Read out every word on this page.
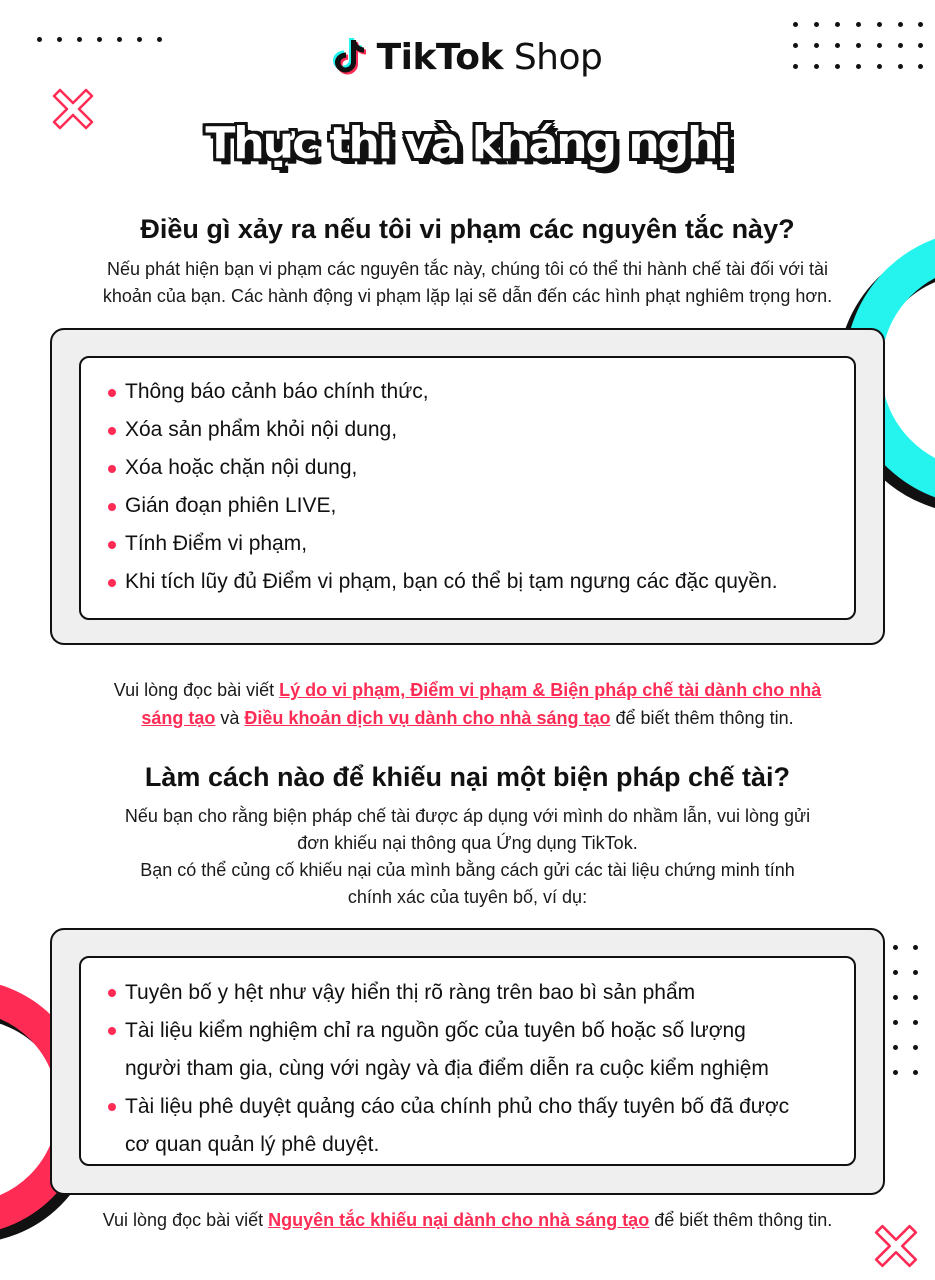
TikTok Shop
Thực thi và kháng nghị
Điều gì xảy ra nếu tôi vi phạm các nguyên tắc này?
Nếu phát hiện bạn vi phạm các nguyên tắc này, chúng tôi có thể thi hành chế tài đối với tài
khoản của bạn. Các hành động vi phạm lặp lại sẽ dẫn đến các hình phạt nghiêm trọng hơn.
Thông báo cảnh báo chính thức,
Xóa sản phẩm khỏi nội dung,
Xóa hoặc chặn nội dung,
Gián đoạn phiên LIVE,
Tính Điểm vi phạm,
Khi tích lũy đủ Điểm vi phạm, bạn có thể bị tạm ngưng các đặc quyền.
Vui lòng đọc bài viết Lý do vi phạm, Điểm vi phạm & Biện pháp chế tài dành cho nhà
sáng tạo và Điều khoản dịch vụ dành cho nhà sáng tạo để biết thêm thông tin.
Làm cách nào để khiếu nại một biện pháp chế tài?
Nếu bạn cho rằng biện pháp chế tài được áp dụng với mình do nhầm lẫn, vui lòng gửi
đơn khiếu nại thông qua Ứng dụng TikTok.
Bạn có thể củng cố khiếu nại của mình bằng cách gửi các tài liệu chứng minh tính
chính xác của tuyên bố, ví dụ:
Tuyên bố y hệt như vậy hiển thị rõ ràng trên bao bì sản phẩm
Tài liệu kiểm nghiệm chỉ ra nguồn gốc của tuyên bố hoặc số lượng
người tham gia, cùng với ngày và địa điểm diễn ra cuộc kiểm nghiệm
Tài liệu phê duyệt quảng cáo của chính phủ cho thấy tuyên bố đã được
cơ quan quản lý phê duyệt.
Vui lòng đọc bài viết Nguyên tắc khiếu nại dành cho nhà sáng tạo để biết thêm thông tin.
